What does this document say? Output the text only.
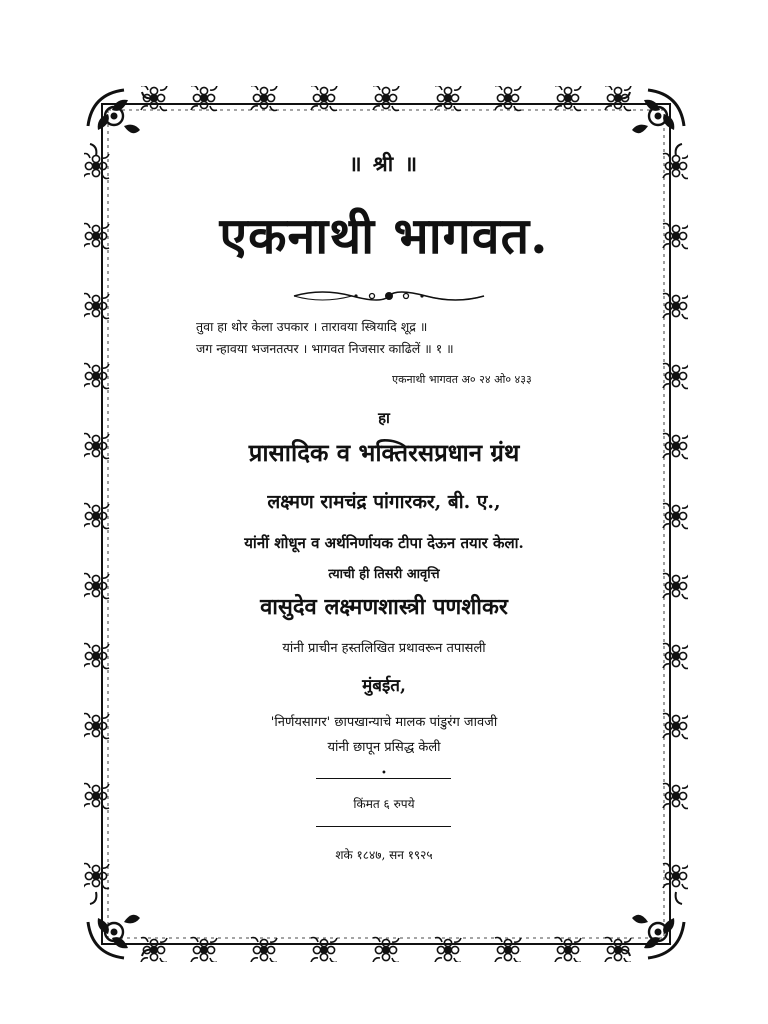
॥ श्री ॥
एकनाथी भागवत.
तुवा हा थोर केला उपकार । तारावया स्त्रियादि शूद्र ॥
जग न्हावया भजनतत्पर । भागवत निजसार काढिलें ॥ १ ॥
एकनाथी भागवत अ० २४ ओ० ४३३
हा
प्रासादिक व भक्तिरसप्रधान ग्रंथ
लक्ष्मण रामचंद्र पांगारकर, बी. ए.,
यांनीं शोधून व अर्थनिर्णायक टीपा देऊन तयार केला.
त्याची ही तिसरी आवृत्ति
वासुदेव लक्ष्मणशास्त्री पणशीकर
यांनी प्राचीन हस्तलिखित प्रथावरून तपासली
मुंबईत,
'निर्णयसागर' छापखान्याचे मालक पांडुरंग जावजी
यांनी छापून प्रसिद्ध केली
•
किंमत ६ रुपये
शके १८४७, सन १९२५
